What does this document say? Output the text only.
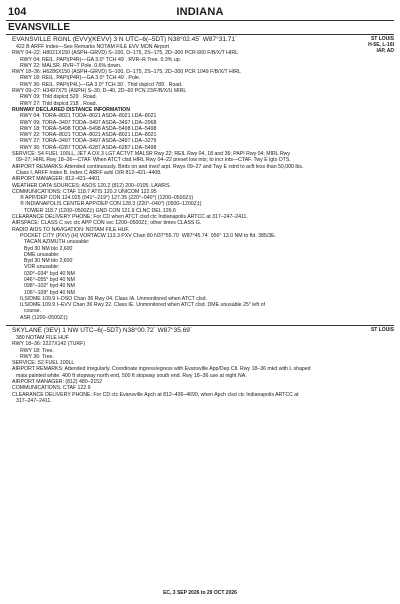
104	INDIANA
EVANSVILLE
ST LOUIS
H-5E, L-16I
IAP, AD
EVANSVILLE RGNL (EVV)(KEVV) 3 N UTC–6(–5DT) N38°02.45´ W87°31.71´
422 B ARFF Index—See Remarks NOTAM FILE EVV MON Airport
RWY 04–22: H8021X150 (ASPH–GRVD) S–100, D–175, 2S–175, 2D–300 PCR 660 F/B/X/T HIRL
RWY 04: REIL. PAPI(P4R)—GA 3.0° TCH 49´. RVR–R Tree. 0.3% up.
RWY 22: MALSR. RVR–T Pole. 0.6% down.
RWY 18–36: H6286X150 (ASPH–GRVD) S–100, D–175, 2S–175, 2D–300 PCR 1049 F/B/X/T HIRL
RWY 18: REIL. PAPI(P4R)—GA 3.0° TCH 49´. Pole.
RWY 36: REIL. PAPI(P4L)—GA 3.0° TCH 30´. Thld dsplcd 789´. Road.
RWY 09–27: H3497X75 (ASPH) S–30, D–40, 2D–60 PCN 23/F/B/X/U MIRL
RWY 09: Thld dsplcd 529´. Road.
RWY 27: Thld dsplcd 218´. Road.
RUNWAY DECLARED DISTANCE INFORMATION
RWY 04: TORA–8021 TODA–8021 ASDA–8021 LDA–8021
RWY 09: TORA–3497 TODA–3497 ASDA–3497 LDA–2968
RWY 18: TORA–5498 TODA–5498 ASDA–5498 LDA–5498
RWY 22: TORA–8021 TODA–8021 ASDA–8021 LDA–8021
RWY 27: TORA–3497 TODA–3497 ASDA–3497 LDA–3279
RWY 36: TORA–6287 TODA–6287 ASDA–6287 LDA–5498
SERVICE: S4 FUEL 100LL, JET A OX 3 LGT ACTVT MALSR Rwy 22; REIL Rwy 04, 18 and 36; PAPI Rwy 04; MIRL Rwy
09–27; HIRL Rwy 18–36—CTAF. When ATCT clsd HIRL Rwy 04–22 preset low ints; to incr ints—CTAF. Twy E lgts OTS.
AIRPORT REMARKS: Attended continuously. Birds on and invof arpt. Rwys 09–27 and Twy E rstrd to acft less than 50,000 lbs.
Class I, ARFF Index B. Index C ARFF avbl O/R 812–421–4408.
AIRPORT MANAGER: 812–421–4401
WEATHER DATA SOURCES: ASOS 120.2 (812) 200–0105. LAWRS.
COMMUNICATIONS: CTAF 118.7 ATIS 120.2 UNICOM 122.95
® APP/DEP CON 124.025 (041°–219°) 127.35 (220°–040°) (1200–0500Z‡)
® INDIANAPOLIS CENTER APP/DEP CON 128.3 (220°–040°) (0500–1200Z‡)
TOWER 118.7 (1200–0500Z‡) GND CON 121.9 CLNC DEL 126.6
CLEARANCE DELIVERY PHONE: For CD when ATCT clsd ctc Indianapolis ARTCC at 317–247–2411.
AIRSPACE: CLASS C svc ctc APP CON svc 1200–0500Z‡; other times CLASS G.
RADIO AIDS TO NAVIGATION: NOTAM FILE HUF.
POCKET CITY (PXV) (H) VORTACW 113.3 PXV Chan 80 N37°55.70´ W87°45.74´ 056° 13.0 NM to fld. 385/3E.
TACAN AZIMUTH unusable:
Byd 30 NM blo 2,600´
DME unusable:
Byd 30 NM blo 2,600´
VOR unusable:
030°–034° byd 40 NM
046°–055° byd 40 NM
098°–102° byd 40 NM
106°–109° byd 40 NM
ILS/DME 109.9 I–DSO Chan 36 Rwy 04. Class IA. Unmonitored when ATCT clsd.
ILS/DME 109.9 I–EVV Chan 36 Rwy 22. Class IE. Unmonitored when ATCT clsd. DME unusable 25° left of
course.
ASR (1200–0500Z‡)
ST LOUIS
SKYLANE (3EV) 1 NW UTC–6(–5DT) N38°00.72´ W87°35.69´
380 NOTAM FILE HUF
RWY 18–36: 2227X142 (TURF)
RWY 18: Tree.
RWY 36: Tree.
SERVICE: S2 FUEL 100LL
AIRPORT REMARKS: Attended irregularly. Coordinate ingress/egress with Evansville App/Dep Ctl. Rwy 18–36 mkd with L shaped
mats painted white. 400 ft stopway north end, 500 ft stopway south end. Rwy 18–36 use at night NA.
AIRPORT MANAGER: (812) 480–2152
COMMUNICATIONS: CTAF 122.9
CLEARANCE DELIVERY PHONE: For CD ctc Evansville Apch at 812–436–4690, when Apch clsd ctc Indianapolis ARTCC at
317–247–2411.
EC, 3 SEP 2026 to 29 OCT 2026
